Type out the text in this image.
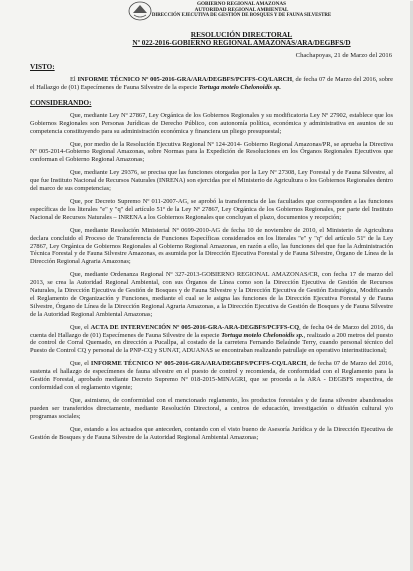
GOBIERNO REGIONAL AMAZONAS
AUTORIDAD REGIONAL AMBIENTAL
DIRECCIÓN EJECUTIVA DE GESTIÓN DE BOSQUES Y DE FAUNA SILVESTRE
RESOLUCIÓN DIRECTORAL
Nº 022-2016-GOBIERNO REGIONAL AMAZONAS/ARA/DEGBFS/D
Chachapoyas, 21 de Marzo del 2016
VISTO:
El INFORME TÉCNICO Nº 005-2016-GRA/ARA/DEGBFS/PCFFS-CQ/LARCH, de fecha 07 de Marzo del 2016, sobre el Hallazgo de (01) Especímenes de Fauna Silvestre de la especie Tortuga motelo Chelonoidis sp.
CONSIDERANDO:
Que, mediante Ley Nº 27867, Ley Orgánica de los Gobiernos Regionales y su modificatoria Ley Nº 27902, establece que los Gobiernos Regionales son Personas Jurídicas de Derecho Público, con autonomía política, económica y administrativa en asuntos de su competencia constituyendo para su administración económica y financiera un pliego presupuestal;
Que, por medio de la Resolución Ejecutiva Regional Nº 124-2014- Gobierno Regional Amazonas/PR, se aprueba la Directiva Nº 005-2014-Gobierno Regional Amazonas, sobre Normas para la Expedición de Resoluciones en los Órganos Regionales Ejecutivos que conforman el Gobierno Regional Amazonas;
Que, mediante Ley 29376, se precisa que las funciones otorgadas por la Ley Nº 27308, Ley Forestal y de Fauna Silvestre, al que fue Instituto Nacional de Recursos Naturales (INRENA) son ejercidas por el Ministerio de Agricultura o los Gobiernos Regionales dentro del marco de sus competencias;
Que, por Decreto Supremo Nº 011-2007-AG, se aprobó la transferencia de las facultades que corresponden a las funciones específicas de los literales "e" y "q" del artículo 51º de la Ley Nº 27867, Ley Orgánica de los Gobiernos Regionales, por parte del Instituto Nacional de Recursos Naturales – INRENA a los Gobiernos Regionales que concluyan el plazo, documentos y recepción;
Que, mediante Resolución Ministerial Nº 0699-2010-AG de fecha 10 de noviembre de 2010, el Ministerio de Agricultura declara concluido el Proceso de Transferencia de Funciones Específicas considerados en los literales "e" y "q" del artículo 51º de la Ley 27867, Ley Orgánica de Gobiernos Regionales al Gobierno Regional Amazonas, en razón a ello, las funciones del que fue la Administración Técnica Forestal y de Fauna Silvestre Amazonas, es asumida por la Dirección Ejecutiva Forestal y de Fauna Silvestre, Órgano de Línea de la Dirección Regional Agraria Amazonas;
Que, mediante Ordenanza Regional Nº 327-2013-GOBIERNO REGIONAL AMAZONAS/CR, con fecha 17 de marzo del 2013, se crea la Autoridad Regional Ambiental, con sus Órganos de Línea como son la Dirección Ejecutiva de Gestión de Recursos Naturales, la Dirección Ejecutiva de Gestión de Bosques y de Fauna Silvestre y la Dirección Ejecutiva de Gestión Estratégica, Modificando el Reglamento de Organización y Funciones, mediante el cual se le asigna las funciones de la Dirección Ejecutiva Forestal y de Fauna Silvestre, Órgano de Línea de la Dirección Regional Agraria Amazonas, a la Dirección Ejecutiva de Gestión de Bosques y de Fauna Silvestre de la Autoridad Regional Ambiental Amazonas;
Que, el ACTA DE INTERVENCIÓN Nº 005-2016-GRA-ARA-DEGBFS/PCFFS-CQ, de fecha 04 de Marzo del 2016, da cuenta del Hallazgo de (01) Especímenes de Fauna Silvestre de la especie Tortuga motelo Chelonoidis sp., realizado a 200 metros del puesto de control de Corral Quemado, en dirección a Pucallpa, al costado de la carretera Fernando Belaúnde Terry, cuando personal técnico del Puesto de Control CQ y personal de la PNP-CQ y SUNAT, ADUANAS se encontraban realizando patrullaje en operativo interinstitucional;
Que, el INFORME TÉCNICO Nº 005-2016-GRA/ARA/DEGBFS/PCFFS-CQ/LARCH, de fecha 07 de Marzo del 2016, sustenta el hallazgo de especímenes de fauna silvestre en el puesto de control y recomienda, de conformidad con el Reglamento para la Gestión Forestal, aprobado mediante Decreto Supremo Nº 018-2015-MINAGRI, que se proceda a la ARA - DEGBFS respectiva, de conformidad con el reglamento vigente;
Que, asimismo, de conformidad con el mencionado reglamento, los productos forestales y de fauna silvestre abandonados pueden ser transferidos directamente, mediante Resolución Directoral, a centros de educación, investigación o difusión cultural y/o programas sociales;
Que, estando a los actuados que anteceden, contando con el visto bueno de Asesoría Jurídica y de la Dirección Ejecutiva de Gestión de Bosques y de Fauna Silvestre de la Autoridad Regional Ambiental Amazonas;
